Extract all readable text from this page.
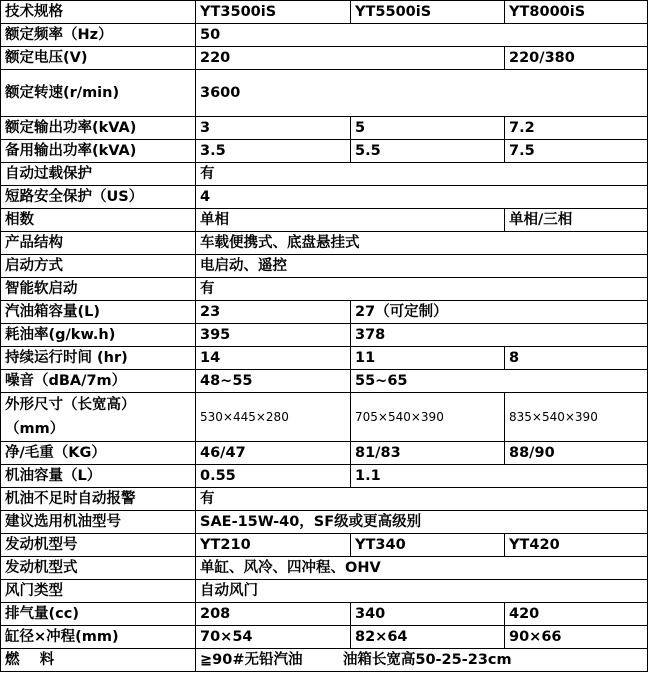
技术规格	YT3500iS	YT5500iS	YT8000iS
额定频率（Hz）	50		
额定电压(V)	220		220/380
额定转速(r/min)	3600		
额定输出功率(kVA)	3	5	7.2
备用输出功率(kVA)	3.5	5.5	7.5
自动过载保护	有		
短路安全保护（US）	4		
相数	单相		单相/三相
产品结构	车载便携式、底盘悬挂式		
启动方式	电启动、遥控		
智能软启动	有		
汽油箱容量(L)	23	27（可定制）	
耗油率(g/kw.h)	395	378	
持续运行时间 (hr)	14	11	8
噪音（dBA/7m）	48~55	55~65	
外形尺寸（长宽高）
（mm）	530×445×280	705×540×390	835×540×390
净/毛重（KG）	46/47	81/83	88/90
机油容量（L）	0.55	1.1	
机油不足时自动报警	有		
建议选用机油型号	SAE-15W-40，SF级或更高级别		
发动机型号	YT210	YT340	YT420
发动机型式	单缸、风冷、四冲程、OHV		
风门类型	自动风门		
排气量(cc)	208	340	420
缸径×冲程(mm)	70×54	82×64	90×66
燃    料	≧90#无铅汽油        油箱长宽高50-25-23cm		
